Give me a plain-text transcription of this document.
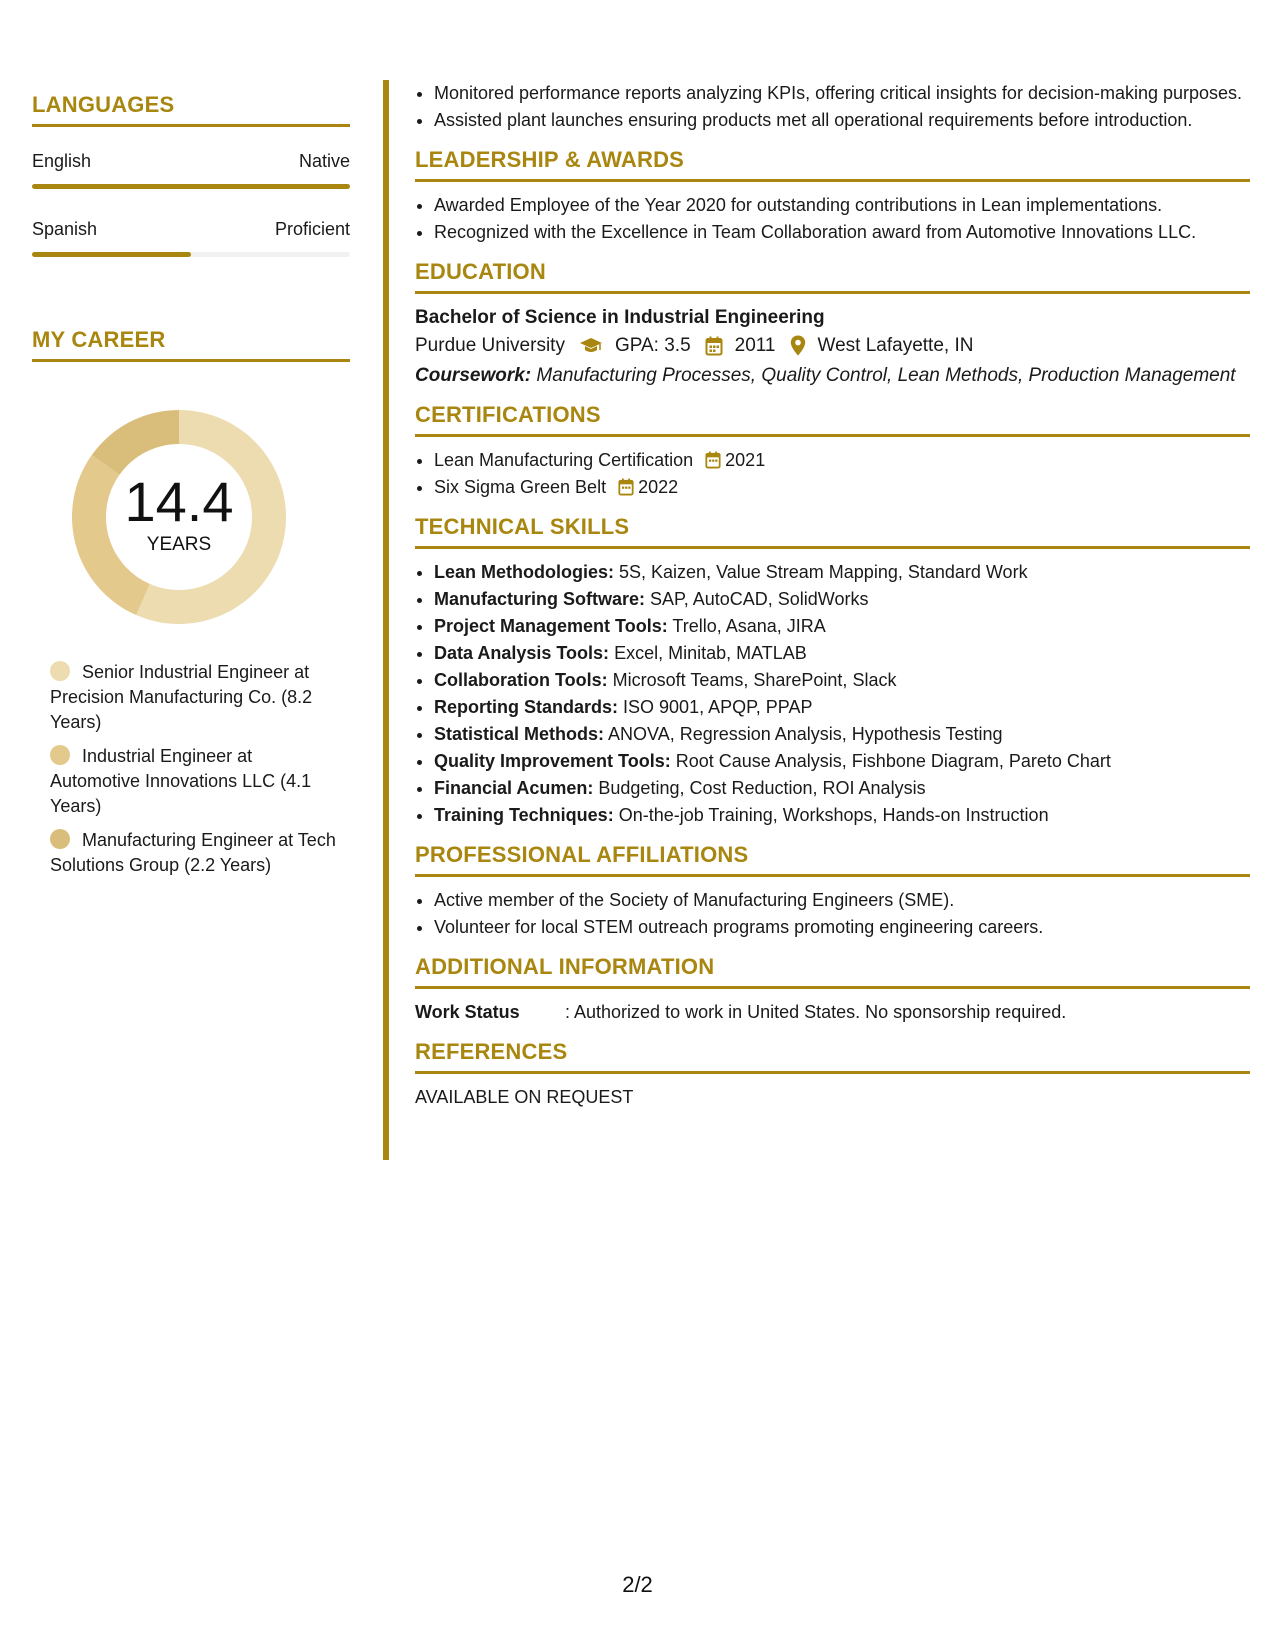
LANGUAGES
English	Native
Spanish	Proficient
MY CAREER
14.4
YEARS
Senior Industrial Engineer at Precision Manufacturing Co. (8.2 Years)
Industrial Engineer at Automotive Innovations LLC (4.1 Years)
Manufacturing Engineer at Tech Solutions Group (2.2 Years)
• Monitored performance reports analyzing KPIs, offering critical insights for decision-making purposes.
• Assisted plant launches ensuring products met all operational requirements before introduction.
LEADERSHIP & AWARDS
• Awarded Employee of the Year 2020 for outstanding contributions in Lean implementations.
• Recognized with the Excellence in Team Collaboration award from Automotive Innovations LLC.
EDUCATION
Bachelor of Science in Industrial Engineering
Purdue University	GPA: 3.5 2011 West Lafayette, IN
Coursework: Manufacturing Processes, Quality Control, Lean Methods, Production Management
CERTIFICATIONS
• Lean Manufacturing Certification 2021
• Six Sigma Green Belt 2022
TECHNICAL SKILLS
• Lean Methodologies: 5S, Kaizen, Value Stream Mapping, Standard Work
• Manufacturing Software: SAP, AutoCAD, SolidWorks
• Project Management Tools: Trello, Asana, JIRA
• Data Analysis Tools: Excel, Minitab, MATLAB
• Collaboration Tools: Microsoft Teams, SharePoint, Slack
• Reporting Standards: ISO 9001, APQP, PPAP
• Statistical Methods: ANOVA, Regression Analysis, Hypothesis Testing
• Quality Improvement Tools: Root Cause Analysis, Fishbone Diagram, Pareto Chart
• Financial Acumen: Budgeting, Cost Reduction, ROI Analysis
• Training Techniques: On-the-job Training, Workshops, Hands-on Instruction
PROFESSIONAL AFFILIATIONS
• Active member of the Society of Manufacturing Engineers (SME).
• Volunteer for local STEM outreach programs promoting engineering careers.
ADDITIONAL INFORMATION
Work Status	: Authorized to work in United States. No sponsorship required.
REFERENCES
AVAILABLE ON REQUEST
2/2
